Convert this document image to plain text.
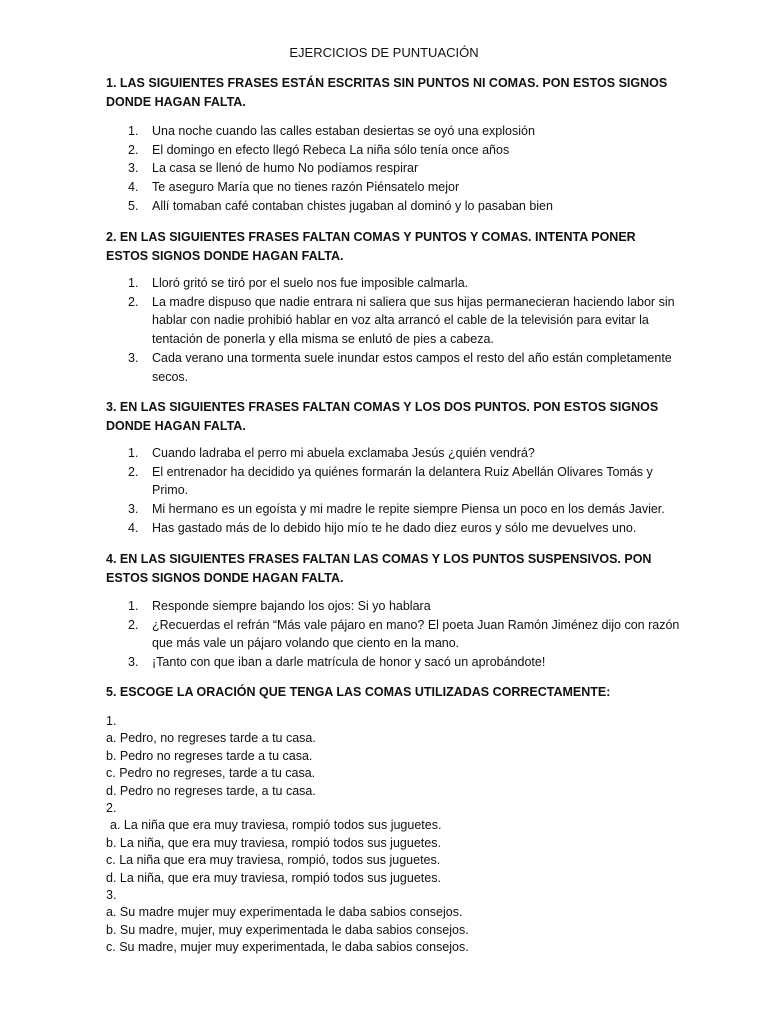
EJERCICIOS DE PUNTUACIÓN
1. LAS SIGUIENTES FRASES ESTÁN ESCRITAS SIN PUNTOS NI COMAS. PON ESTOS SIGNOS DONDE HAGAN FALTA.
1. Una noche cuando las calles estaban desiertas se oyó una explosión
2. El domingo en efecto llegó Rebeca La niña sólo tenía once años
3. La casa se llenó de humo No podíamos respirar
4. Te aseguro María que no tienes razón Piénsatelo mejor
5. Allí tomaban café contaban chistes jugaban al dominó y lo pasaban bien
2. EN LAS SIGUIENTES FRASES FALTAN COMAS Y PUNTOS Y COMAS. INTENTA PONER ESTOS SIGNOS DONDE HAGAN FALTA.
1. Lloró gritó se tiró por el suelo nos fue imposible calmarla.
2. La madre dispuso que nadie entrara ni saliera que sus hijas permanecieran haciendo labor sin hablar con nadie prohibió hablar en voz alta arrancó el cable de la televisión para evitar la tentación de ponerla y ella misma se enlutó de pies a cabeza.
3. Cada verano una tormenta suele inundar estos campos el resto del año están completamente secos.
3. EN LAS SIGUIENTES FRASES FALTAN COMAS Y LOS DOS PUNTOS. PON ESTOS SIGNOS DONDE HAGAN FALTA.
1. Cuando ladraba el perro mi abuela exclamaba Jesús ¿quién vendrá?
2. El entrenador ha decidido ya quiénes formarán la delantera Ruiz Abellán Olivares Tomás y Primo.
3. Mi hermano es un egoísta y mi madre le repite siempre Piensa un poco en los demás Javier.
4. Has gastado más de lo debido hijo mío te he dado diez euros y sólo me devuelves uno.
4. EN LAS SIGUIENTES FRASES FALTAN LAS COMAS Y LOS PUNTOS SUSPENSIVOS. PON ESTOS SIGNOS DONDE HAGAN FALTA.
1. Responde siempre bajando los ojos: Si yo hablara
2. ¿Recuerdas el refrán “Más vale pájaro en mano? El poeta Juan Ramón Jiménez dijo con razón que más vale un pájaro volando que ciento en la mano.
3. ¡Tanto con que iban a darle matrícula de honor y sacó un aprobándote!
5. ESCOGE LA ORACIÓN QUE TENGA LAS COMAS UTILIZADAS CORRECTAMENTE:
1.
a. Pedro, no regreses tarde a tu casa.
b. Pedro no regreses tarde a tu casa.
c. Pedro no regreses, tarde a tu casa.
d. Pedro no regreses tarde, a tu casa.
2.
a. La niña que era muy traviesa, rompió todos sus juguetes.
b. La niña, que era muy traviesa, rompió todos sus juguetes.
c. La niña que era muy traviesa, rompió, todos sus juguetes.
d. La niña, que era muy traviesa, rompió todos sus juguetes.
3.
a. Su madre mujer muy experimentada le daba sabios consejos.
b. Su madre, mujer, muy experimentada le daba sabios consejos.
c. Su madre, mujer muy experimentada, le daba sabios consejos.
